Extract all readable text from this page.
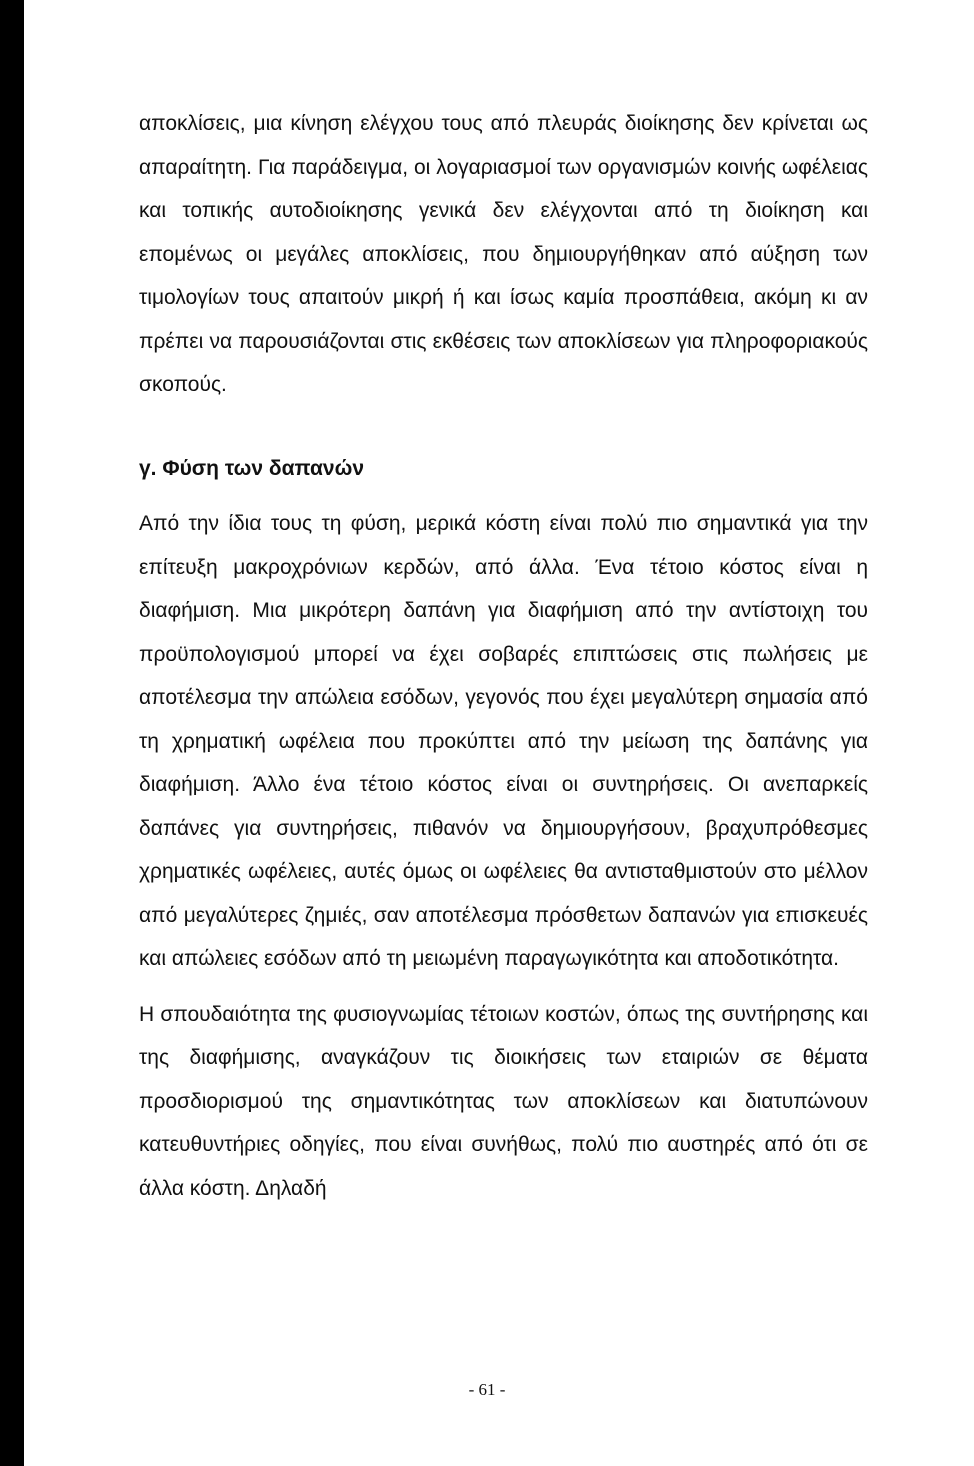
αποκλίσεις, μια κίνηση ελέγχου τους από πλευράς διοίκησης δεν κρίνεται ως απαραίτητη. Για παράδειγμα, οι λογαριασμοί των οργανισμών κοινής ωφέλειας και τοπικής αυτοδιοίκησης γενικά δεν ελέγχονται από τη διοίκηση και επομένως οι μεγάλες αποκλίσεις, που δημιουργήθηκαν από αύξηση των τιμολογίων τους απαιτούν μικρή ή και ίσως καμία προσπάθεια, ακόμη κι αν πρέπει να παρουσιάζονται στις εκθέσεις των αποκλίσεων για πληροφοριακούς σκοπούς.

γ. Φύση των δαπανών

Από την ίδια τους τη φύση, μερικά κόστη είναι πολύ πιο σημαντικά για την επίτευξη μακροχρόνιων κερδών, από άλλα. Ένα τέτοιο κόστος είναι η διαφήμιση. Μια μικρότερη δαπάνη για διαφήμιση από την αντίστοιχη του προϋπολογισμού μπορεί να έχει σοβαρές επιπτώσεις στις πωλήσεις με αποτέλεσμα την απώλεια εσόδων, γεγονός που έχει μεγαλύτερη σημασία από τη χρηματική ωφέλεια που προκύπτει από την μείωση της δαπάνης για διαφήμιση. Άλλο ένα τέτοιο κόστος είναι οι συντηρήσεις. Οι ανεπαρκείς δαπάνες για συντηρήσεις, πιθανόν να δημιουργήσουν, βραχυπρόθεσμες χρηματικές ωφέλειες, αυτές όμως οι ωφέλειες θα αντισταθμιστούν στο μέλλον από μεγαλύτερες ζημιές, σαν αποτέλεσμα πρόσθετων δαπανών για επισκευές και απώλειες εσόδων από τη μειωμένη παραγωγικότητα και αποδοτικότητα.

Η σπουδαιότητα της φυσιογνωμίας τέτοιων κοστών, όπως της συντήρησης και της διαφήμισης, αναγκάζουν τις διοικήσεις των εταιριών σε θέματα προσδιορισμού της σημαντικότητας των αποκλίσεων και διατυπώνουν κατευθυντήριες οδηγίες, που είναι συνήθως, πολύ πιο αυστηρές από ότι σε άλλα κόστη. Δηλαδή

- 61 -
